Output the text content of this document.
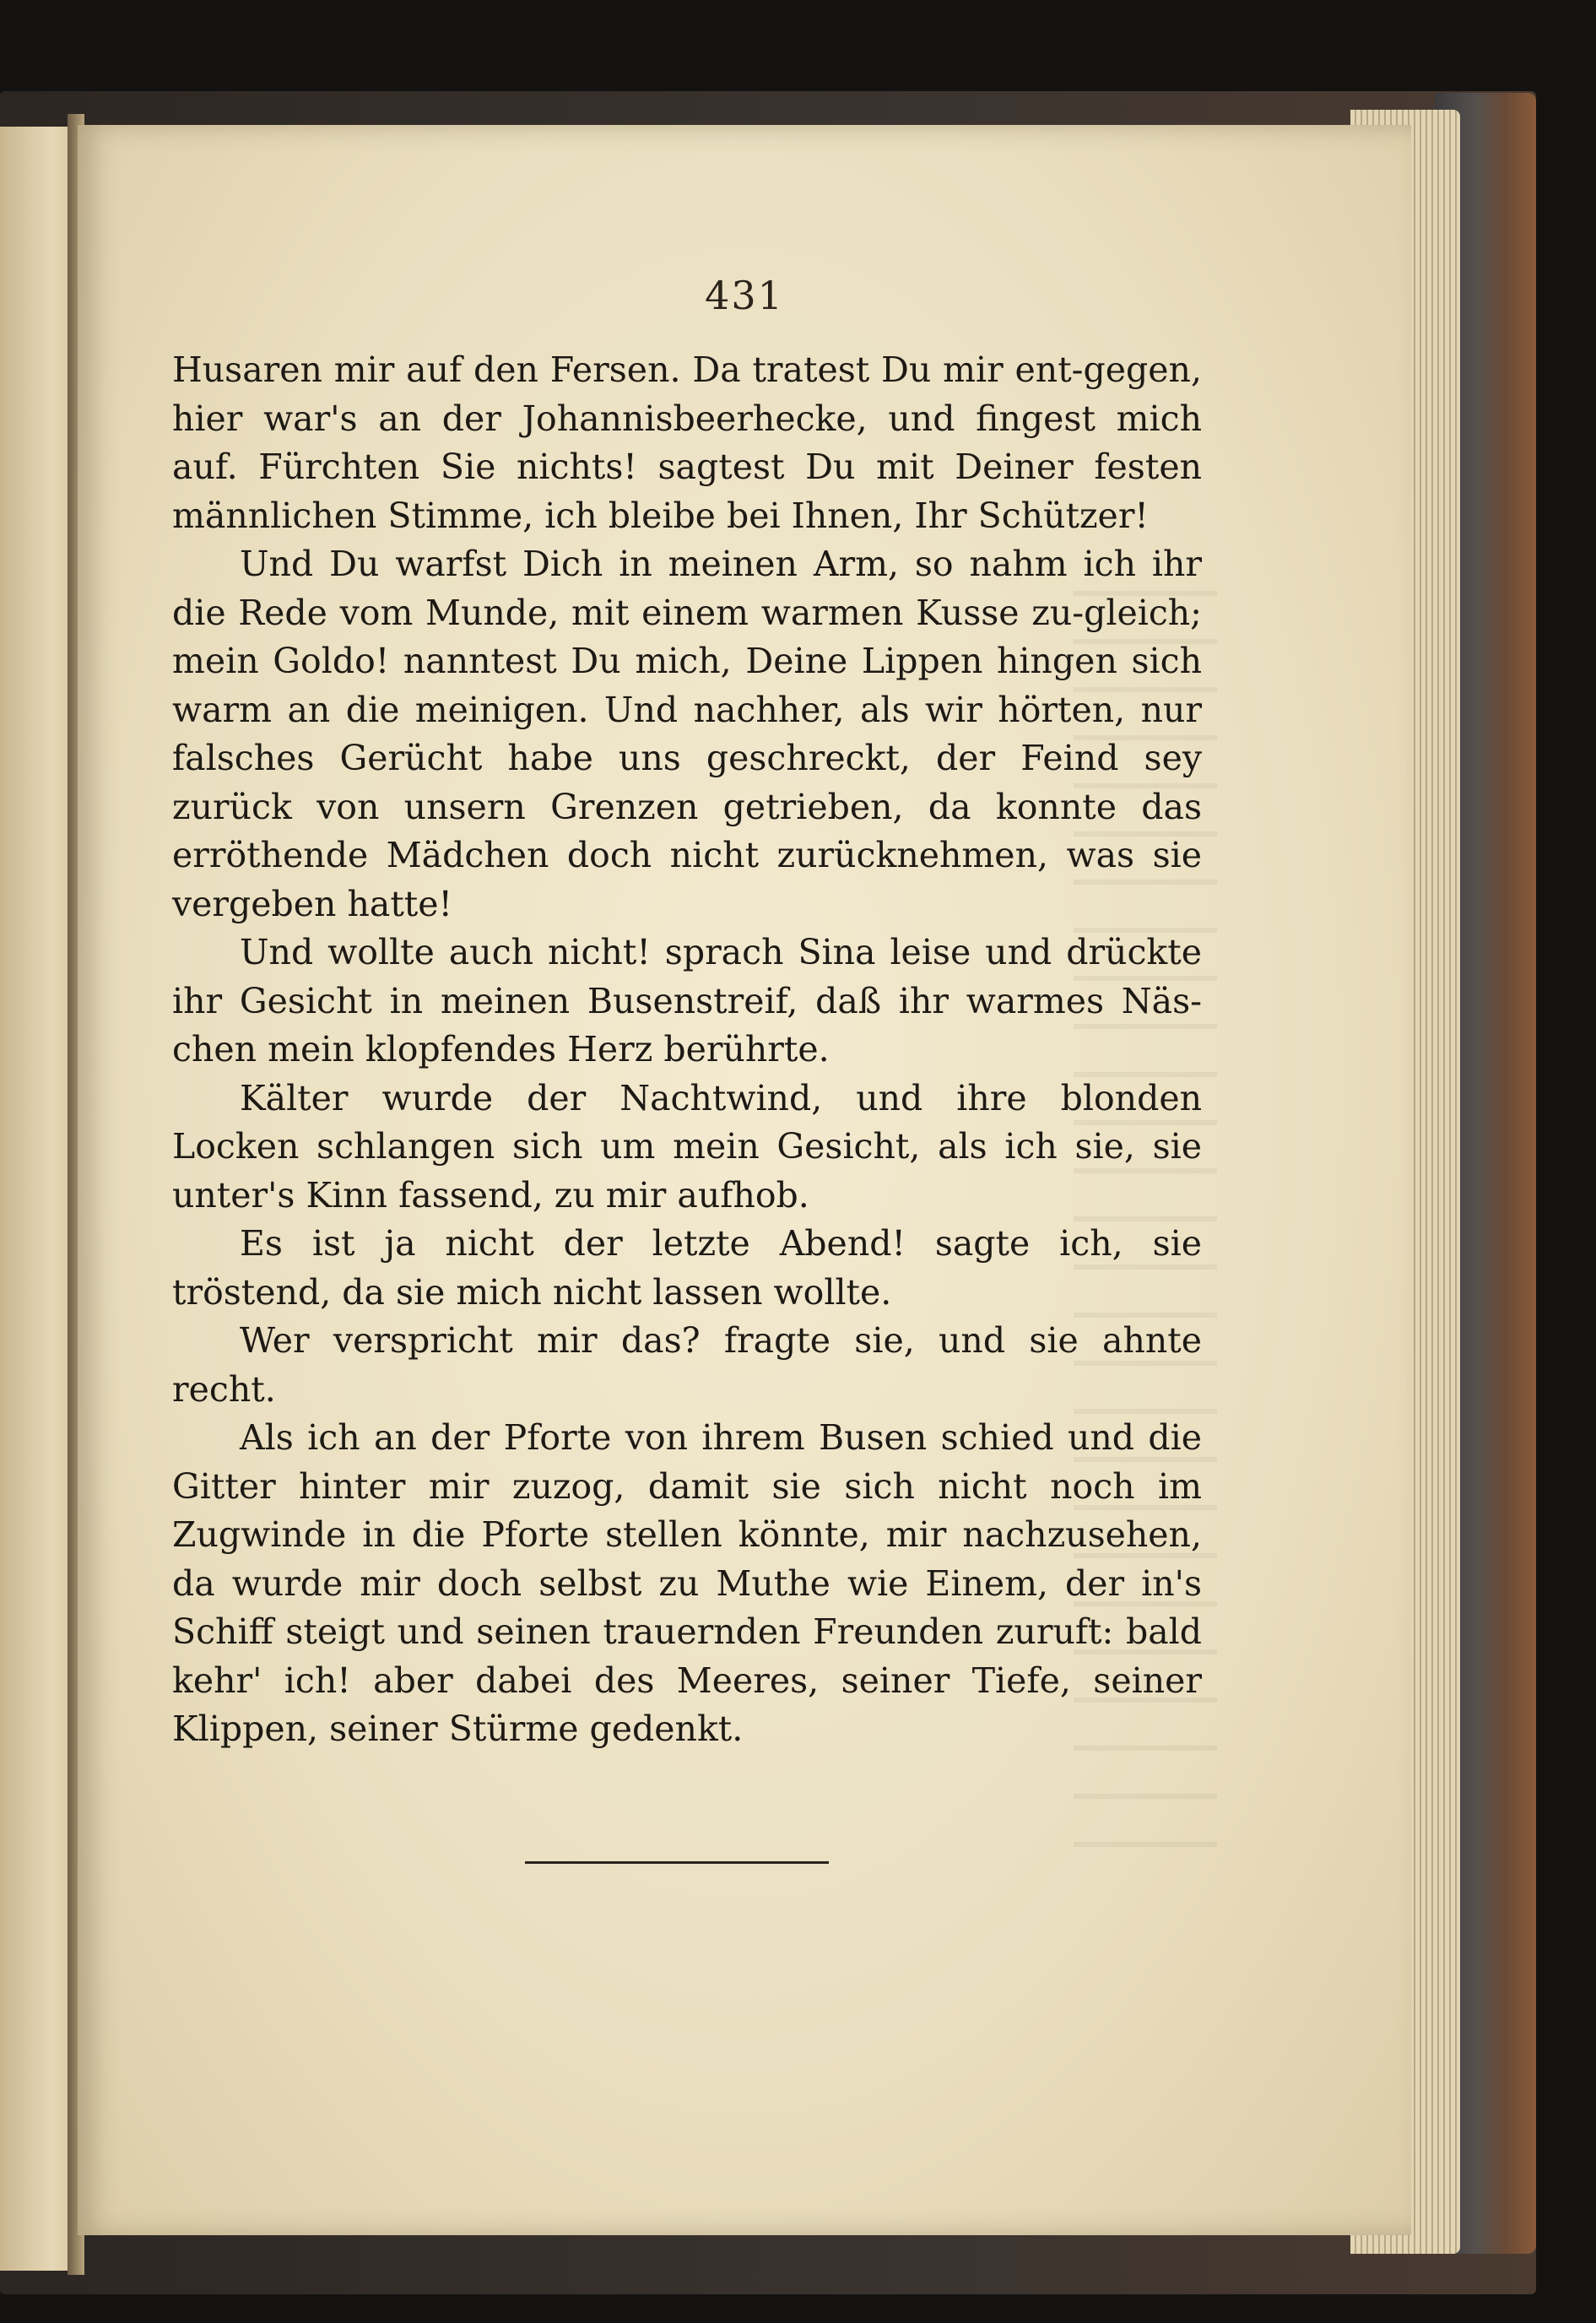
431

Husaren mir auf den Fersen. Da tratest Du mir ent-gegen, hier war's an der Johannisbeerhecke, und fingest mich auf. Fürchten Sie nichts! sagtest Du mit Deiner festen männlichen Stimme, ich bleibe bei Ihnen, Ihr Schützer!

Und Du warfst Dich in meinen Arm, so nahm ich ihr die Rede vom Munde, mit einem warmen Kusse zu-gleich; mein Goldo! nanntest Du mich, Deine Lippen hingen sich warm an die meinigen. Und nachher, als wir hörten, nur falsches Gerücht habe uns geschreckt, der Feind sey zurück von unsern Grenzen getrieben, da konnte das erröthende Mädchen doch nicht zurücknehmen, was sie vergeben hatte!

Und wollte auch nicht! sprach Sina leise und drückte ihr Gesicht in meinen Busenstreif, daß ihr warmes Näs-chen mein klopfendes Herz berührte.

Kälter wurde der Nachtwind, und ihre blonden Locken schlangen sich um mein Gesicht, als ich sie, sie unter's Kinn fassend, zu mir aufhob.

Es ist ja nicht der letzte Abend! sagte ich, sie tröstend, da sie mich nicht lassen wollte.

Wer verspricht mir das? fragte sie, und sie ahnte recht.

Als ich an der Pforte von ihrem Busen schied und die Gitter hinter mir zuzog, damit sie sich nicht noch im Zugwinde in die Pforte stellen könnte, mir nachzusehen, da wurde mir doch selbst zu Muthe wie Einem, der in's Schiff steigt und seinen trauernden Freunden zuruft: bald kehr' ich! aber dabei des Meeres, seiner Tiefe, seiner Klippen, seiner Stürme gedenkt.
